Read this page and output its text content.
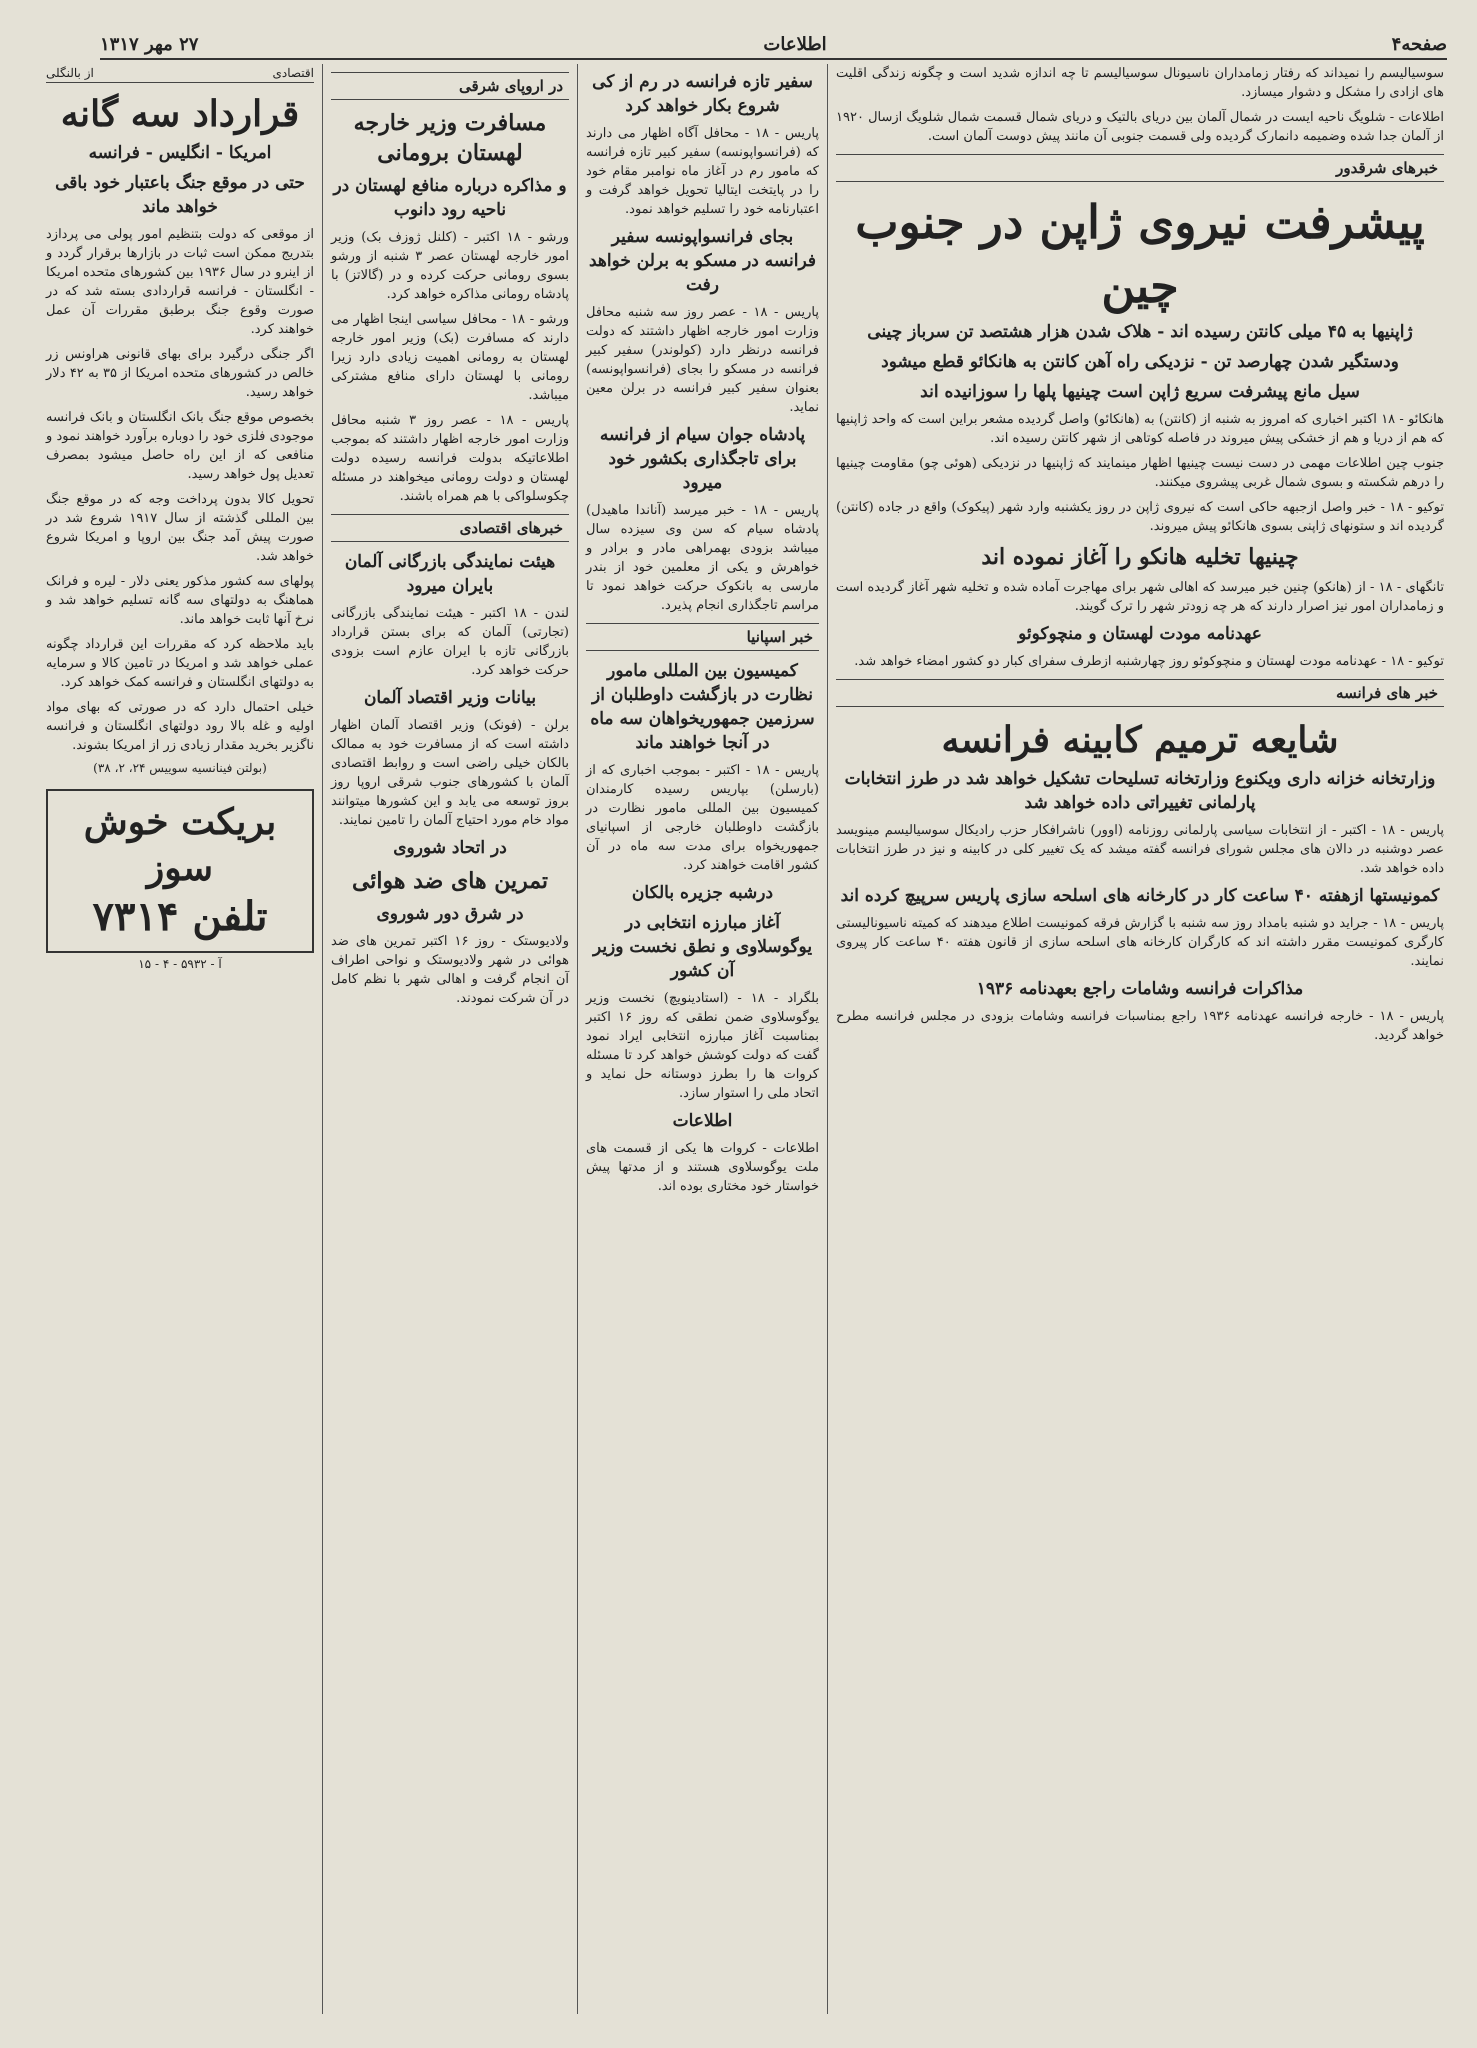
صفحه۴
اطلاعات
۲۷ مهر ۱۳۱۷

سوسیالیسم را نمیداند که رفتار زمامداران ناسیونال سوسیالیسم تا چه اندازه شدید است و چگونه زندگی اقلیت های ازادی را مشکل و دشوار میسازد.

اطلاعات - شلویگ ناحیه ایست در شمال آلمان بین دریای بالتیک و دریای شمال قسمت شمال شلویگ ازسال ۱۹۲۰ از آلمان جدا شده وضمیمه دانمارک گردیده ولی قسمت جنوبی آن مانند پیش دوست آلمان است.

خبرهای شرقدور
پیشرفت نیروی ژاپن در جنوب چین
ژاپنیها به ۴۵ میلی کانتن رسیده اند - هلاک شدن هزار هشتصد تن سرباز چینی
ودستگیر شدن چهارصد تن - نزدیکی راه آهن کانتن به هانکائو قطع میشود
سیل مانع پیشرفت سریع ژاپن است چینیها پلها را سوزانیده اند

هانکائو - ۱۸ اکتبر اخباری که امروز به شنبه از (کانتن) به (هانکائو) واصل گردیده مشعر براین است که واحد ژاپنیها که هم از دریا و هم از خشکی پیش میروند در فاصله کوتاهی از شهر کانتن رسیده اند.

جنوب چین اطلاعات مهمی در دست نیست چینیها اظهار مینمایند که ژاپنیها در نزدیکی (هوئی چو) مقاومت چینیها را درهم شکسته و بسوی شمال غربی پیشروی میکنند.

توکیو - ۱۸ - خبر واصل ازجبهه حاکی است که نیروی ژاپن در روز یکشنبه وارد شهر (پیکوک) واقع در جاده (کانتن) گردیده اند و ستونهای ژاپنی بسوی هانکائو پیش میروند.

چینیها تخلیه هانکو را آغاز نموده اند

تانگهای - ۱۸ - از (هانکو) چنین خبر میرسد که اهالی شهر برای مهاجرت آماده شده و تخلیه شهر آغاز گردیده است و زمامداران امور نیز اصرار دارند که هر چه زودتر شهر را ترک گویند.

عهدنامه مودت لهستان و منچوکوئو

توکیو - ۱۸ - عهدنامه مودت لهستان و منچوکوئو روز چهارشنبه ازطرف سفرای کبار دو کشور امضاء خواهد شد.

خبر های فرانسه
شایعه ترمیم کابینه فرانسه
وزارتخانه خزانه داری ویکنوع وزارتخانه تسلیحات تشکیل خواهد شد در طرز انتخابات پارلمانی تغییراتی داده خواهد شد

پاریس - ۱۸ - اکتبر - از انتخابات سیاسی پارلمانی روزنامه (اوور) ناشرافکار حزب رادیکال سوسیالیسم مینویسد عصر دوشنبه در دالان های مجلس شورای فرانسه گفته میشد که یک تغییر کلی در کابینه و نیز در طرز انتخابات داده خواهد شد.

کمونیستها ازهفته ۴۰ ساعت کار در کارخانه های اسلحه سازی پاریس سرپیچ کرده اند

پاریس - ۱۸ - جراید دو شنبه بامداد روز سه شنبه با گزارش فرقه کمونیست اطلاع میدهند که کمیته ناسیونالیستی کارگری کمونیست مقرر داشته اند که کارگران کارخانه های اسلحه سازی از قانون هفته ۴۰ ساعت کار پیروی نمایند.

مذاکرات فرانسه وشامات راجع بعهدنامه ۱۹۳۶

پاریس - ۱۸ - خارجه فرانسه عهدنامه ۱۹۳۶ راجع بمناسبات فرانسه وشامات بزودی در مجلس فرانسه مطرح خواهد گردید.

سفیر تازه فرانسه در رم از کی شروع بکار خواهد کرد

پاریس - ۱۸ - محافل آگاه اظهار می دارند که (فرانسواپونسه) سفیر کبیر تازه فرانسه که مامور رم در آغاز ماه نوامبر مقام خود را در پایتخت ایتالیا تحویل خواهد گرفت و اعتبارنامه خود را تسلیم خواهد نمود.

بجای فرانسواپونسه سفیر فرانسه در مسکو به برلن خواهد رفت

پاریس - ۱۸ - عصر روز سه شنبه محافل وزارت امور خارجه اظهار داشتند که دولت فرانسه درنظر دارد (کولوندر) سفیر کبیر فرانسه در مسکو را بجای (فرانسواپونسه) بعنوان سفیر کبیر فرانسه در برلن معین نماید.

پادشاه جوان سیام از فرانسه برای تاجگذاری بکشور خود میرود

پاریس - ۱۸ - خبر میرسد (آناندا ماهیدل) پادشاه سیام که سن وی سیزده سال میباشد بزودی بهمراهی مادر و برادر و خواهرش و یکی از معلمین خود از بندر مارسی به بانکوک حرکت خواهد نمود تا مراسم تاجگذاری انجام پذیرد.

خبر اسپانیا
کمیسیون بین المللی مامور نظارت در بازگشت داوطلبان از سرزمین جمهوریخواهان سه ماه در آنجا خواهند ماند

پاریس - ۱۸ - اکتبر - بموجب اخباری که از (بارسلن) بپاریس رسیده کارمندان کمیسیون بین المللی مامور نظارت در بازگشت داوطلبان خارجی از اسپانیای جمهوریخواه برای مدت سه ماه در آن کشور اقامت خواهند کرد.

درشبه جزیره بالکان
آغاز مبارزه انتخابی در یوگوسلاوی و نطق نخست وزیر آن کشور

بلگراد - ۱۸ - (استادینویچ) نخست وزیر یوگوسلاوی ضمن نطقی که روز ۱۶ اکتبر بمناسبت آغاز مبارزه انتخابی ایراد نمود گفت که دولت کوشش خواهد کرد تا مسئله کروات ها را بطرز دوستانه حل نماید و اتحاد ملی را استوار سازد.

اطلاعات

اطلاعات - کروات ها یکی از قسمت های ملت یوگوسلاوی هستند و از مدتها پیش خواستار خود مختاری بوده اند.

در اروپای شرقی
مسافرت وزیر خارجه لهستان برومانی
و مذاکره درباره منافع لهستان در ناحیه رود دانوب

ورشو - ۱۸ اکتبر - (کلنل ژوزف بک) وزیر امور خارجه لهستان عصر ۳ شنبه از ورشو بسوی رومانی حرکت کرده و در (گالاتز) با پادشاه رومانی مذاکره خواهد کرد.

ورشو - ۱۸ - محافل سیاسی اینجا اظهار می دارند که مسافرت (بک) وزیر امور خارجه لهستان به رومانی اهمیت زیادی دارد زیرا رومانی با لهستان دارای منافع مشترکی میباشد.

پاریس - ۱۸ - عصر روز ۳ شنبه محافل وزارت امور خارجه اظهار داشتند که بموجب اطلاعاتیکه بدولت فرانسه رسیده دولت لهستان و دولت رومانی میخواهند در مسئله چکوسلواکی با هم همراه باشند.

خبرهای اقتصادی
هیئت نمایندگی بازرگانی آلمان بایران میرود

لندن - ۱۸ اکتبر - هیئت نمایندگی بازرگانی (تجارتی) آلمان که برای بستن قرارداد بازرگانی تازه با ایران عازم است بزودی حرکت خواهد کرد.

بیانات وزیر اقتصاد آلمان

برلن - (فونک) وزیر اقتصاد آلمان اظهار داشته است که از مسافرت خود به ممالک بالکان خیلی راضی است و روابط اقتصادی آلمان با کشورهای جنوب شرقی اروپا روز بروز توسعه می یابد و این کشورها میتوانند مواد خام مورد احتیاج آلمان را تامین نمایند.

در اتحاد شوروی
تمرین های ضد هوائی
در شرق دور شوروی

ولادیوستک - روز ۱۶ اکتبر تمرین های ضد هوائی در شهر ولادیوستک و نواحی اطراف آن انجام گرفت و اهالی شهر با نظم کامل در آن شرکت نمودند.

اقتصادی
از بالنگلی
قرارداد سه گانه
امریکا - انگلیس - فرانسه
حتی در موقع جنگ باعتبار خود باقی خواهد ماند

از موقعی که دولت بتنظیم امور پولی می پردازد بتدریج ممکن است ثبات در بازارها برقرار گردد و از اینرو در سال ۱۹۳۶ بین کشورهای متحده امریکا - انگلستان - فرانسه قراردادی بسته شد که در صورت وقوع جنگ برطبق مقررات آن عمل خواهند کرد.

اگر جنگی درگیرد برای بهای قانونی هراونس زر خالص در کشورهای متحده امریکا از ۳۵ به ۴۲ دلار خواهد رسید.

بخصوص موقع جنگ بانک انگلستان و بانک فرانسه موجودی فلزی خود را دوباره برآورد خواهند نمود و منافعی که از این راه حاصل میشود بمصرف تعدیل پول خواهد رسید.

تحویل کالا بدون پرداخت وجه که در موقع جنگ بین المللی گذشته از سال ۱۹۱۷ شروع شد در صورت پیش آمد جنگ بین اروپا و امریکا شروع خواهد شد.

پولهای سه کشور مذکور یعنی دلار - لیره و فرانک هماهنگ به دولتهای سه گانه تسلیم خواهد شد و نرخ آنها ثابت خواهد ماند.

باید ملاحظه کرد که مقررات این قرارداد چگونه عملی خواهد شد و امریکا در تامین کالا و سرمایه به دولتهای انگلستان و فرانسه کمک خواهد کرد.

خیلی احتمال دارد که در صورتی که بهای مواد اولیه و غله بالا رود دولتهای انگلستان و فرانسه ناگزیر بخرید مقدار زیادی زر از امریکا بشوند.

(بولتن فینانسیه سوییس ۲۴، ۲، ۳۸)
بریکت خوش سوز
تلفن ۷۳۱۴
آ - ۵۹۳۲ - ۴ - ۱۵
